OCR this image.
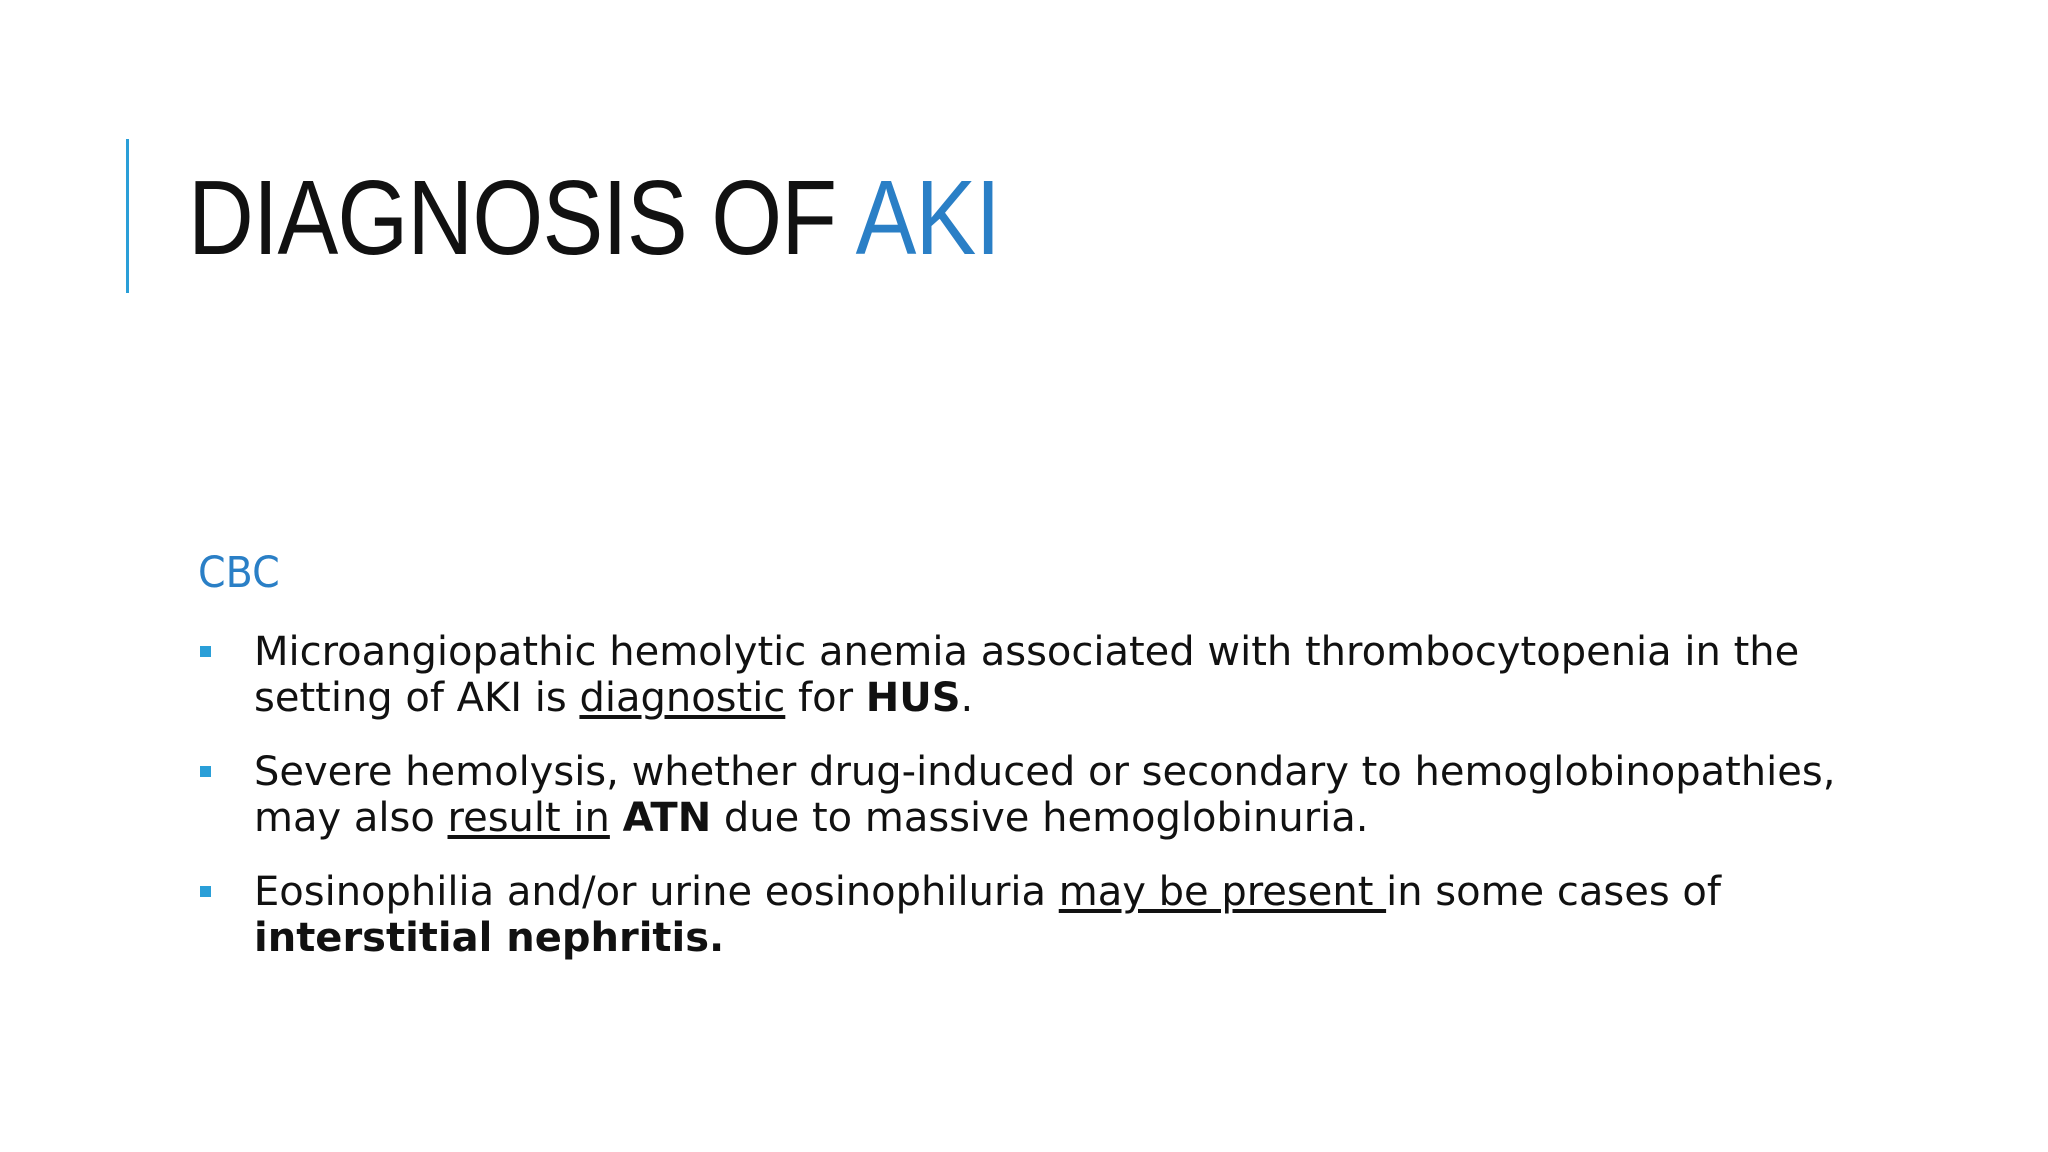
DIAGNOSIS OF AKI
CBC
Microangiopathic hemolytic anemia associated with thrombocytopenia in the setting of AKI is diagnostic for HUS.
Severe hemolysis, whether drug-induced or secondary to hemoglobinopathies, may also result in ATN due to massive hemoglobinuria.
Eosinophilia and/or urine eosinophiluria may be present in some cases of interstitial nephritis.
